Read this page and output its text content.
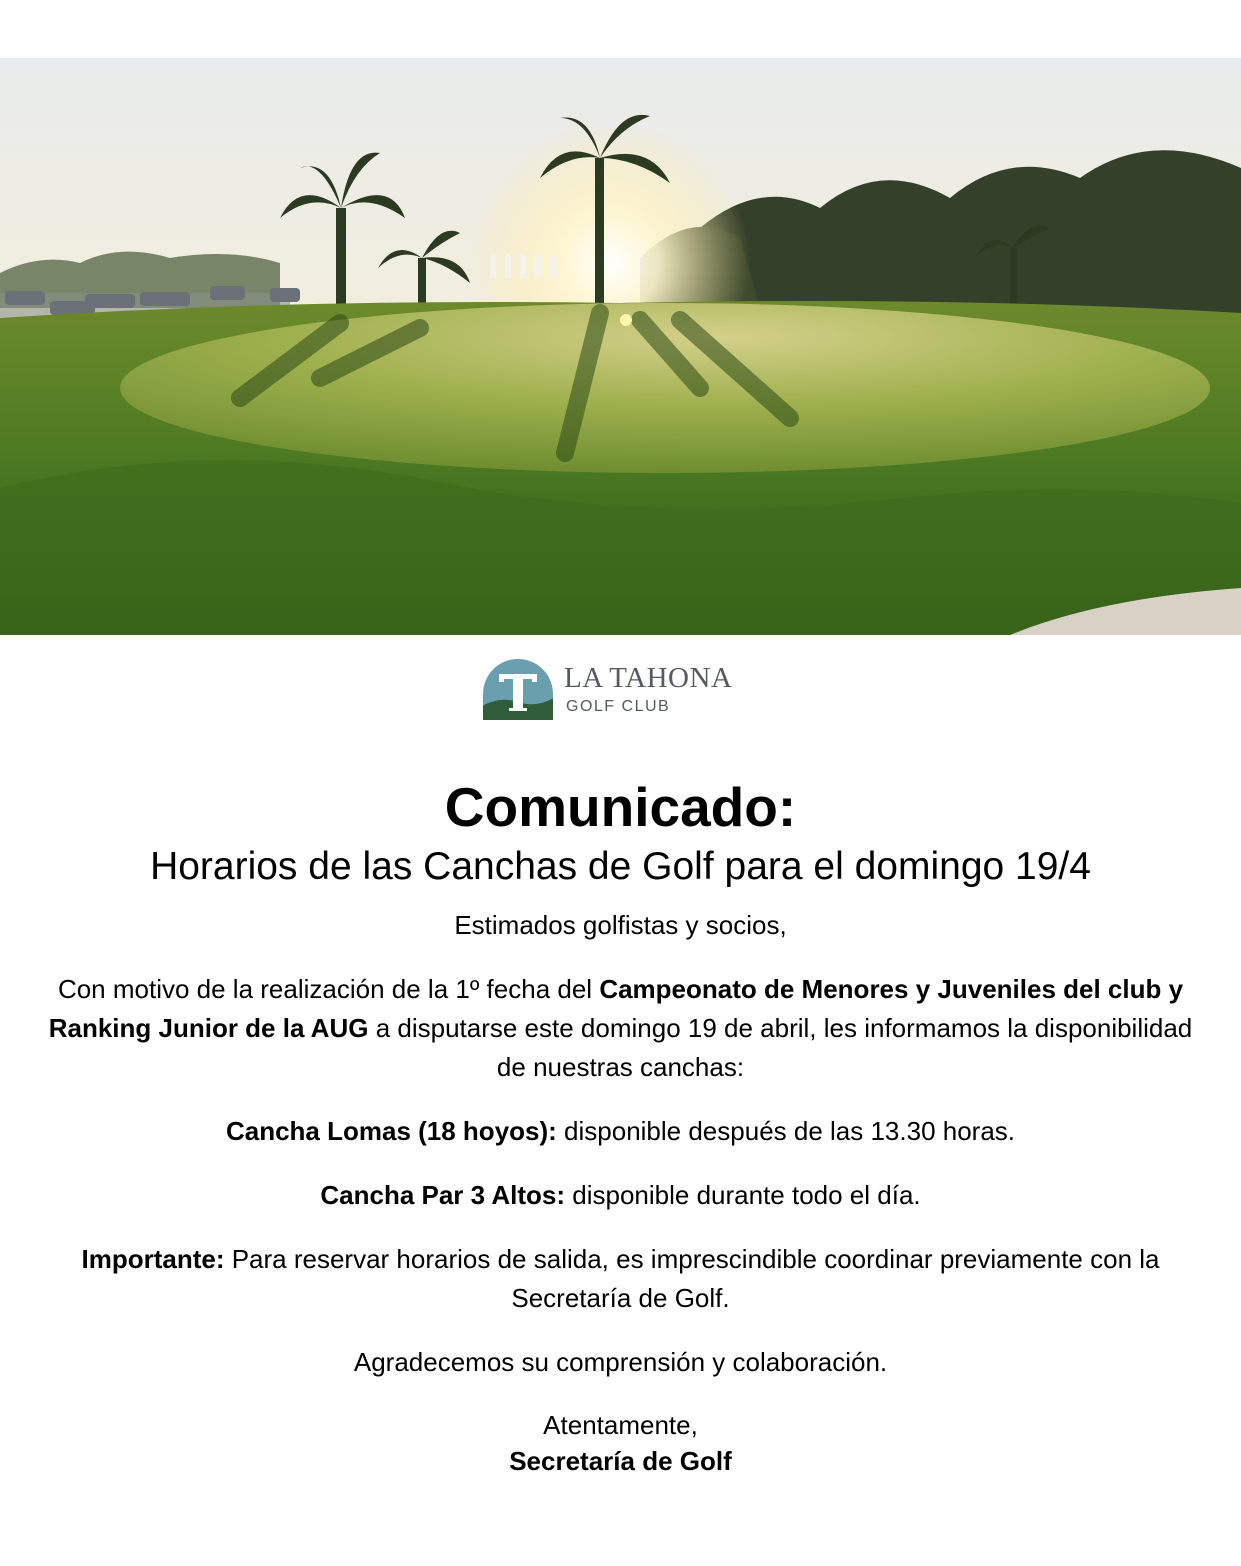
LA TAHONA
GOLF CLUB
Comunicado:

Horarios de las Canchas de Golf para el domingo 19/4

Estimados golfistas y socios,

Con motivo de la realización de la 1º fecha del Campeonato de Menores y Juveniles del club y Ranking Junior de la AUG a disputarse este domingo 19 de abril, les informamos la disponibilidad de nuestras canchas:

Cancha Lomas (18 hoyos): disponible después de las 13.30 horas.

Cancha Par 3 Altos: disponible durante todo el día.

Importante: Para reservar horarios de salida, es imprescindible coordinar previamente con la Secretaría de Golf.

Agradecemos su comprensión y colaboración.

Atentamente,

Secretaría de Golf
